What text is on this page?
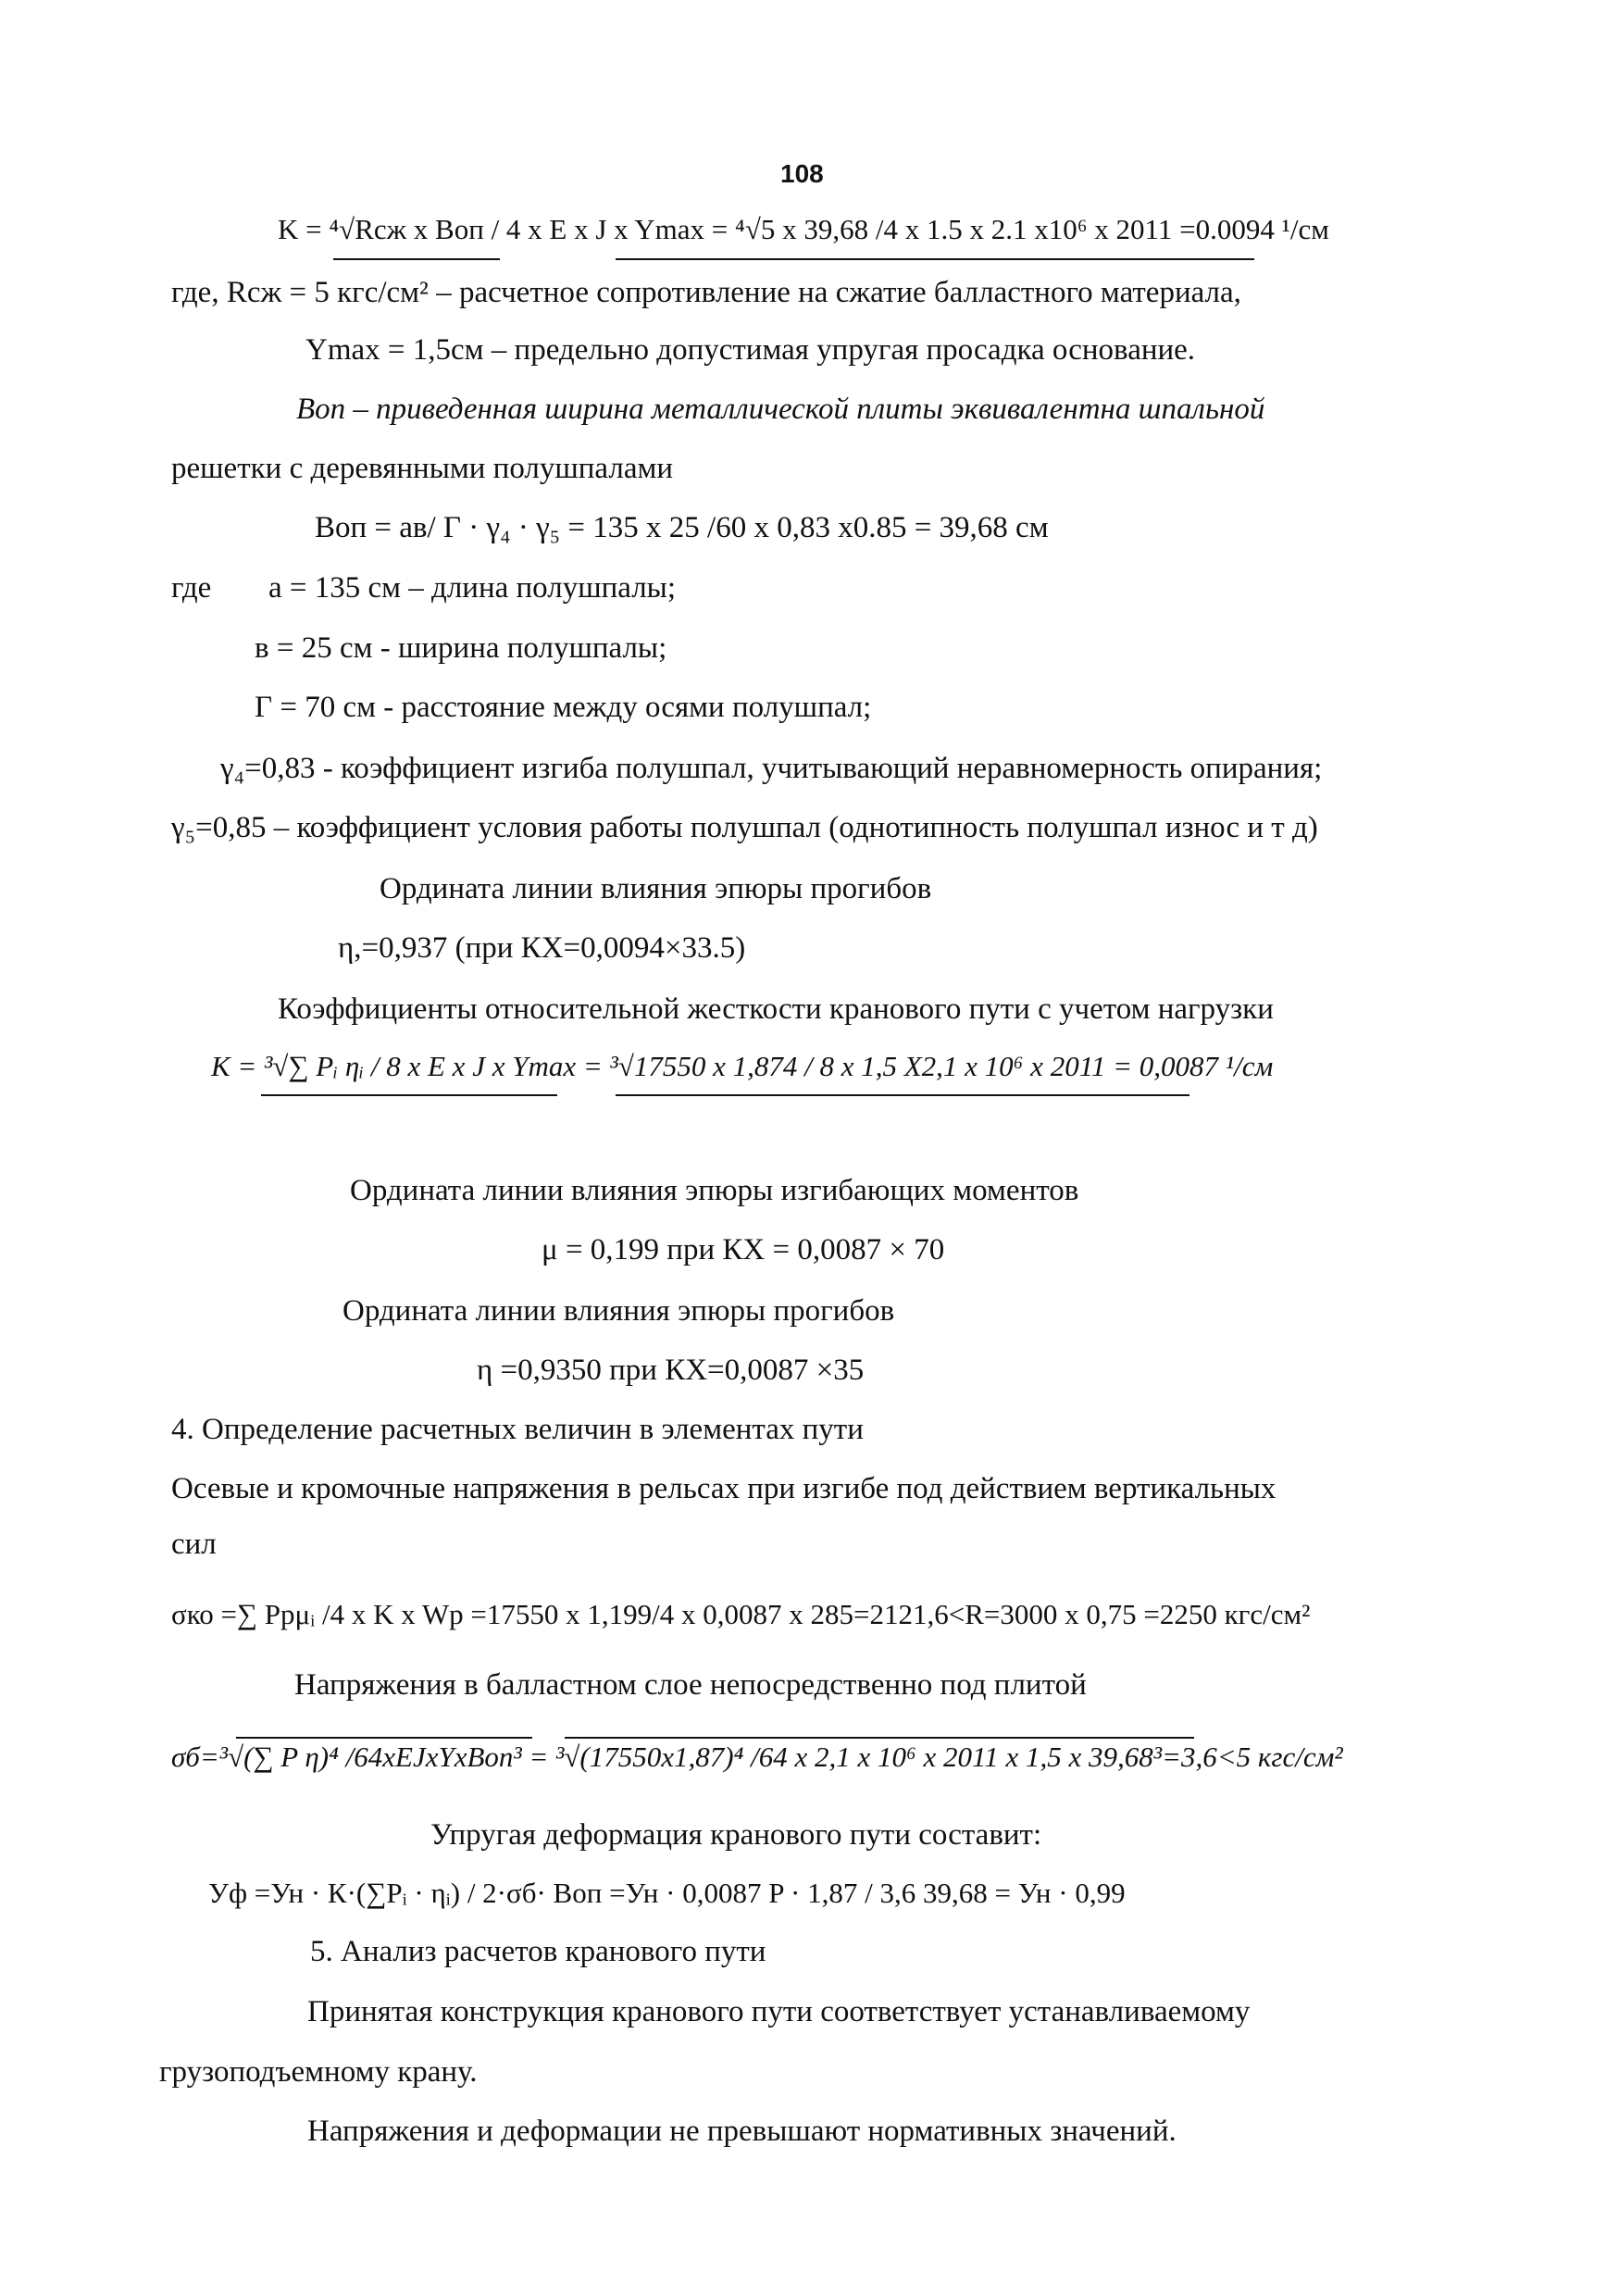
108
K = ⁴√Rсж x Воп / 4 x E x J x Ymax = ⁴√5 x 39,68 /4 x 1.5 x 2.1 x10⁶ x 2011 =0.0094 ¹/см
где, Rсж = 5 кгс/см² – расчетное сопротивление на сжатие балластного материала,
Ymax = 1,5см – предельно допустимая упругая просадка основание.
Воп – приведенная ширина металлической плиты эквивалентна шпальной
решетки с деревянными полушпалами
Воп = ав/ Г · γ₄ · γ₅ = 135 x 25 /60 x 0,83 x0.85 = 39,68 см
где а = 135 см – длина полушпалы;
в = 25 см - ширина полушпалы;
Г = 70 см - расстояние между осями полушпал;
γ₄=0,83 - коэффициент изгиба полушпал, учитывающий неравномерность опирания;
γ₅=0,85 – коэффициент условия работы полушпал (однотипность полушпал износ и т д)
Ордината линии влияния эпюры прогибов
η,=0,937 (при КХ=0,0094×33.5)
Коэффициенты относительной жесткости кранового пути с учетом нагрузки
K = ³√∑ Pᵢ ηᵢ / 8 x E x J x Ymax = ³√17550 x 1,874 / 8 x 1,5 X2,1 x 10⁶ x 2011 = 0,0087 ¹/см
Ордината линии влияния эпюры изгибающих моментов
μ = 0,199 при КХ = 0,0087 × 70
Ордината линии влияния эпюры прогибов
η =0,9350 при КХ=0,0087 ×35
4. Определение расчетных величин в элементах пути
Осевые и кромочные напряжения в рельсах при изгибе под действием вертикальных
сил
σко =∑ Pрμᵢ /4 x K x Wр =17550 x 1,199/4 x 0,0087 x 285=2121,6<R=3000 x 0,75 =2250 кгс/см²
Напряжения в балластном слое непосредственно под плитой
σб=³√(∑ P η)⁴ /64xEJxYxBоп³ = ³√(17550x1,87)⁴ /64 x 2,1 x 10⁶ x 2011 x 1,5 x 39,68³=3,6<5 кгс/см²
Упругая деформация кранового пути составит:
Уф =Ун · К·(∑Pᵢ · ηᵢ) / 2·σб· Воп =Ун · 0,0087 P · 1,87 / 3,6 39,68 = Ун · 0,99
5. Анализ расчетов кранового пути
Принятая конструкция кранового пути соответствует устанавливаемому
грузоподъемному крану.
Напряжения и деформации не превышают нормативных значений.
